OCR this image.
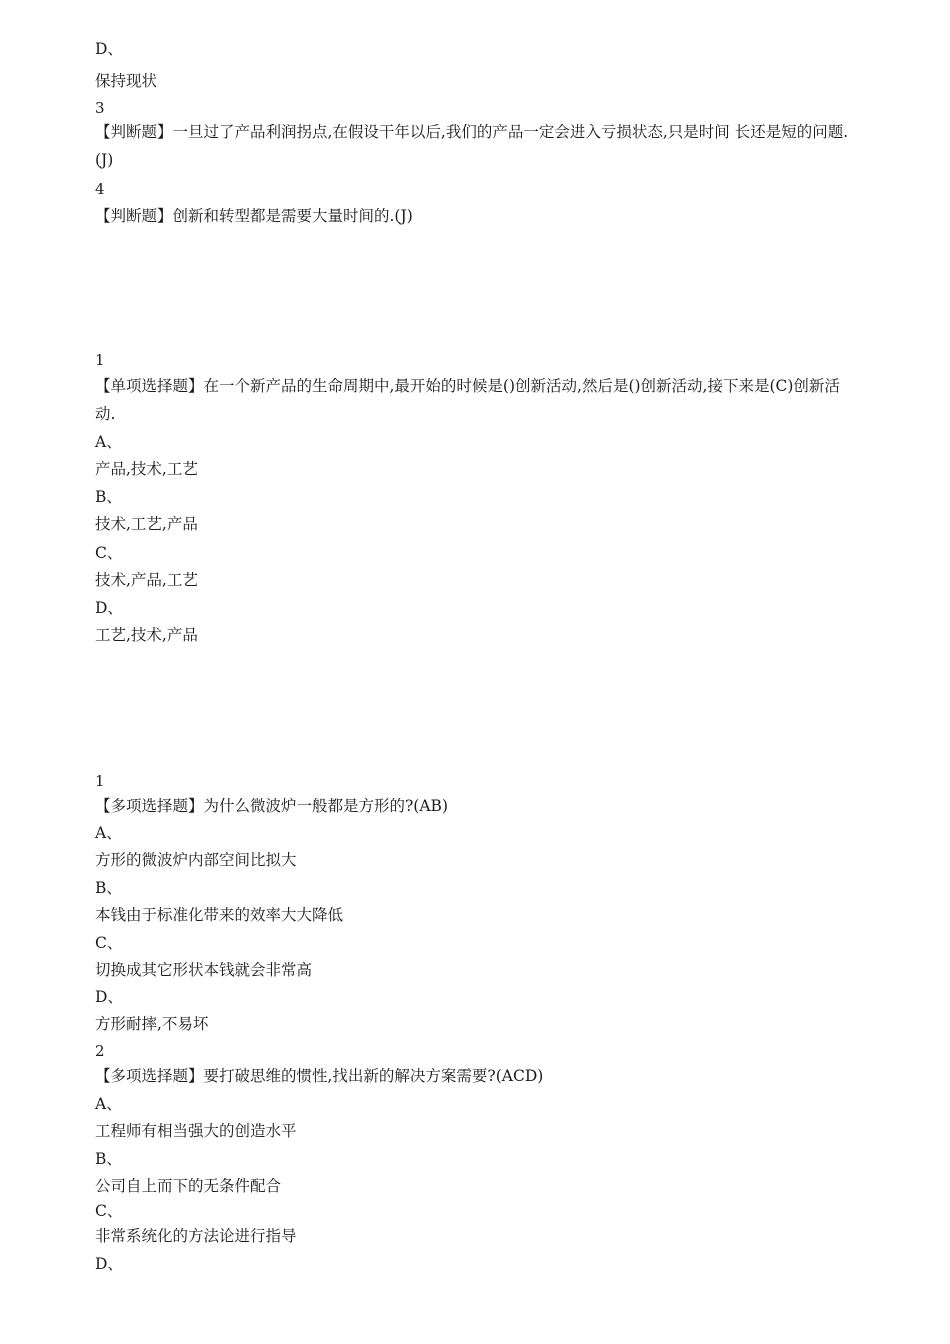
D、
保持现状
3
【判断题】一旦过了产品利润拐点,在假设干年以后,我们的产品一定会进入亏损状态,只是时间 长还是短的问题.(J)
4
【判断题】创新和转型都是需要大量时间的.(J)
1
【单项选择题】在一个新产品的生命周期中,最开始的时候是()创新活动,然后是()创新活动,接下来是(C)创新活动.
A、
产品,技术,工艺
B、
技术,工艺,产品
C、
技术,产品,工艺
D、
工艺,技术,产品
1
【多项选择题】为什么微波炉一般都是方形的?(AB)
A、
方形的微波炉内部空间比拟大
B、
本钱由于标准化带来的效率大大降低
C、
切换成其它形状本钱就会非常高
D、
方形耐摔,不易坏
2
【多项选择题】要打破思维的惯性,找出新的解决方案需要?(ACD)
A、
工程师有相当强大的创造水平
B、
公司自上而下的无条件配合
C、
非常系统化的方法论进行指导
D、
